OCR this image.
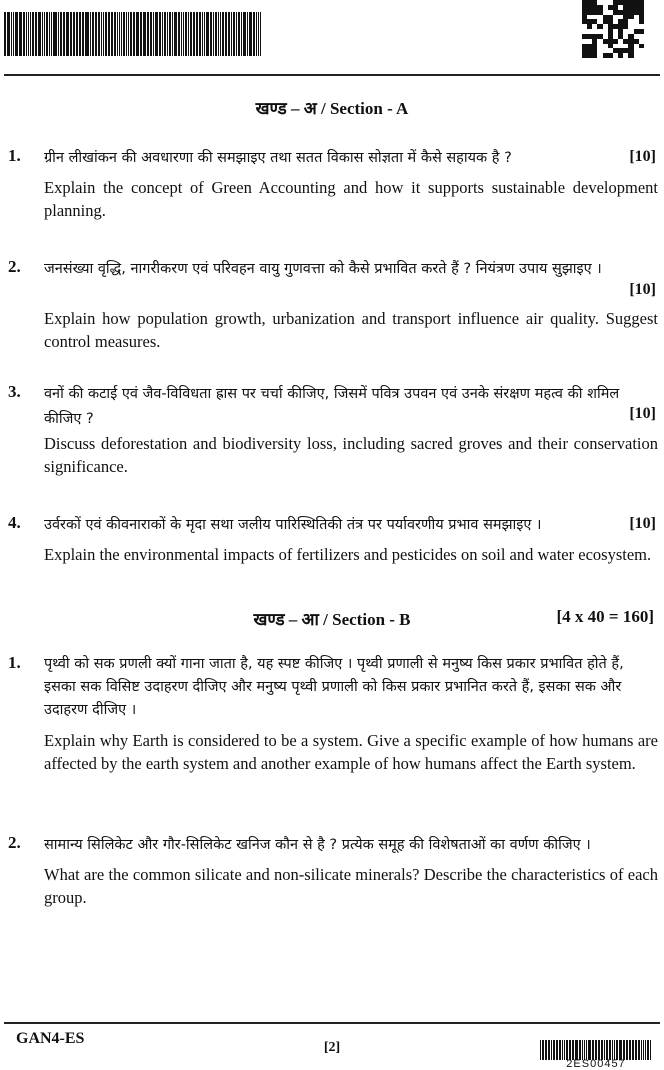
खण्ड – अ / Section - A
1. ग्रीन लीखांकन की अवधारणा की समझाइए तथा सतत विकास सोज्ञता में कैसे सहायक है ?	[10]
Explain the concept of Green Accounting and how it supports sustainable development planning.
2. जनसंख्या वृद्धि, नागरीकरण एवं परिवहन वायु गुणवत्ता को कैसे प्रभावित करते हैं ? नियंत्रण उपाय सुझाइए ।
[10]
Explain how population growth, urbanization and transport influence air quality. Suggest control measures.
3. वनों की कटाई एवं जैव-विविधता ह्रास पर चर्चा कीजिए, जिसमें पवित्र उपवन एवं उनके संरक्षण महत्व की शमिल कीजिए ?	[10]
Discuss deforestation and biodiversity loss, including sacred groves and their conservation significance.
4. उर्वरकों एवं कीवनाराकों के मृदा सथा जलीय पारिस्थितिकी तंत्र पर पर्यावरणीय प्रभाव समझाइए ।	[10]
Explain the environmental impacts of fertilizers and pesticides on soil and water ecosystem.
खण्ड – आ / Section - B	[4 x 40 = 160]
1. पृथ्वी को सक प्रणली क्यों गाना जाता है, यह स्पष्ट कीजिए । पृथ्वी प्रणाली से मनुष्य किस प्रकार प्रभावित होते हैं, इसका सक विसिष्ट उदाहरण दीजिए और मनुष्य पृथ्वी प्रणाली को किस प्रकार प्रभानित करते हैं, इसका सक और उदाहरण दीजिए ।
Explain why Earth is considered to be a system. Give a specific example of how humans are affected by the earth system and another example of how humans affect the Earth system.
2. सामान्य सिलिकेट और गौर-सिलिकेट खनिज कौन से है ? प्रत्येक समूह की विशेषताओं का वर्णण कीजिए ।
What are the common silicate and non-silicate minerals? Describe the characteristics of each group.
GAN4-ES
[2]
2ES00457
